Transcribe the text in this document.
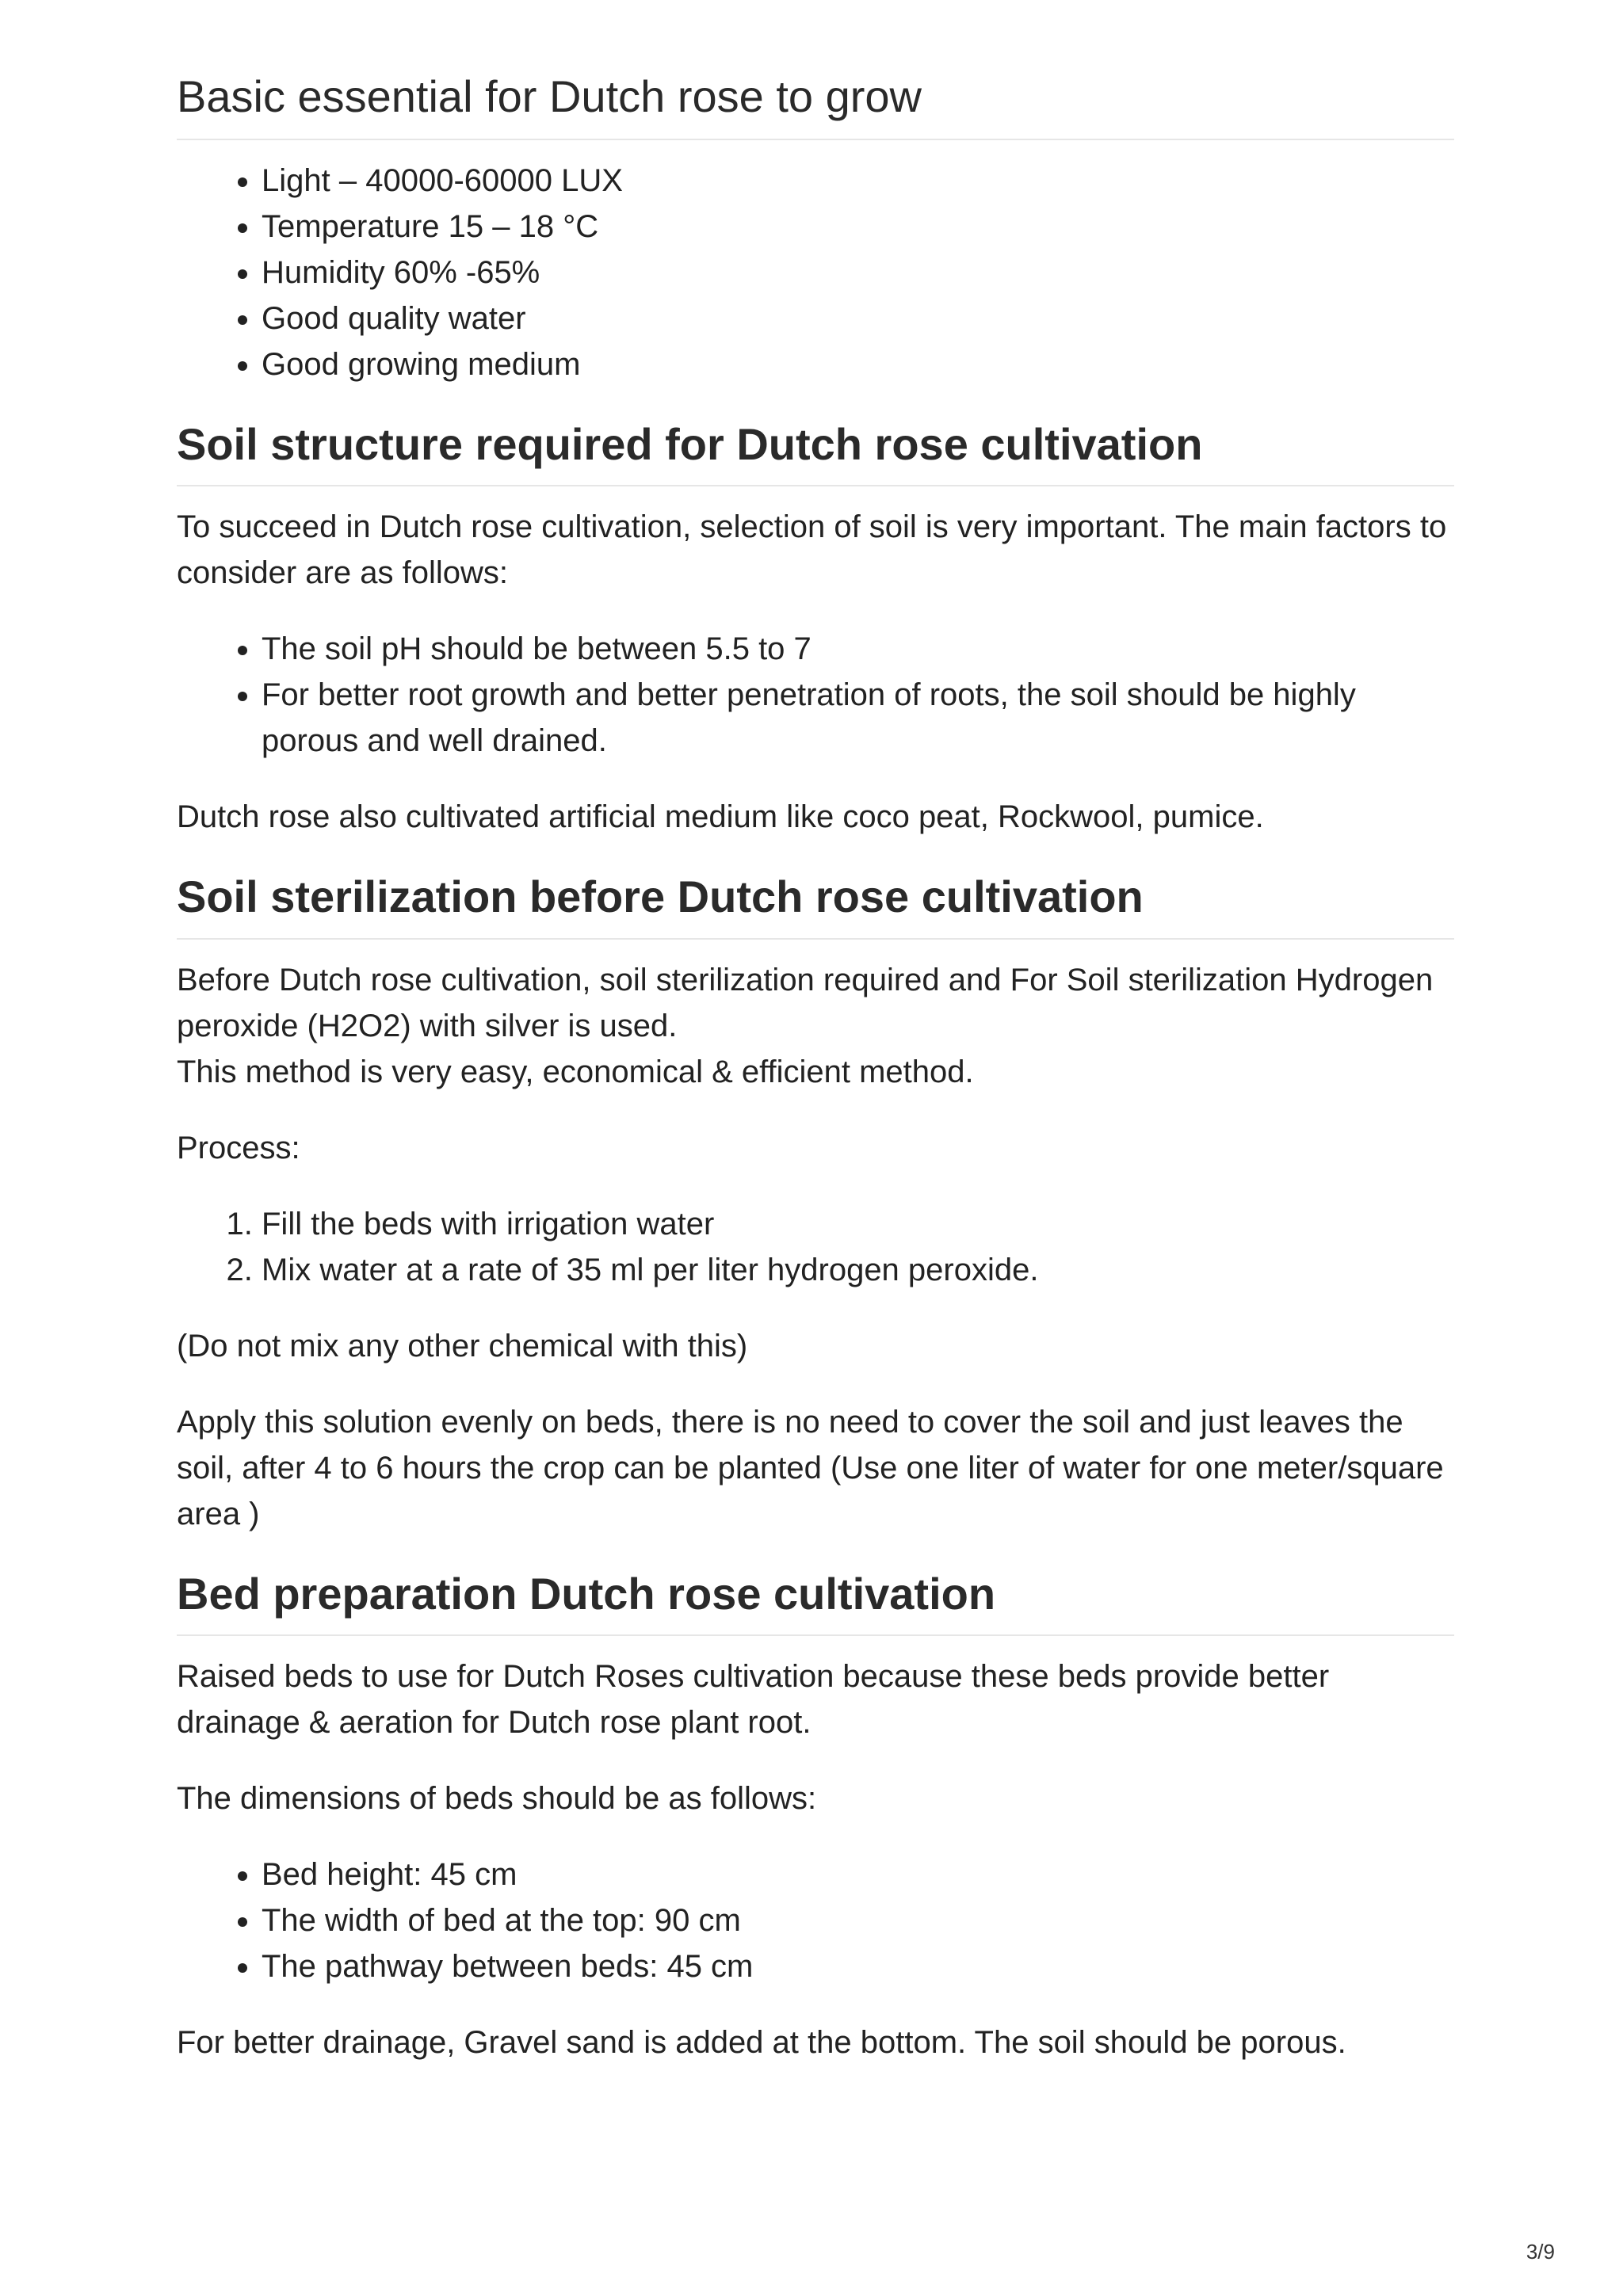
Basic essential for Dutch rose to grow
• Light – 40000-60000 LUX
• Temperature 15 – 18 °C
• Humidity 60% -65%
• Good quality water
• Good growing medium
Soil structure required for Dutch rose cultivation

To succeed in Dutch rose cultivation, selection of soil is very important. The main factors to consider are as follows:

• The soil pH should be between 5.5 to 7
• For better root growth and better penetration of roots, the soil should be highly porous and well drained.

Dutch rose also cultivated artificial medium like coco peat, Rockwool, pumice.

Soil sterilization before Dutch rose cultivation

Before Dutch rose cultivation, soil sterilization required and For Soil sterilization Hydrogen peroxide (H2O2) with silver is used.
This method is very easy, economical & efficient method.

Process:

1. Fill the beds with irrigation water
2. Mix water at a rate of 35 ml per liter hydrogen peroxide.

(Do not mix any other chemical with this)

Apply this solution evenly on beds, there is no need to cover the soil and just leaves the soil, after 4 to 6 hours the crop can be planted (Use one liter of water for one meter/square area )

Bed preparation Dutch rose cultivation

Raised beds to use for Dutch Roses cultivation because these beds provide better drainage & aeration for Dutch rose plant root.

The dimensions of beds should be as follows:

• Bed height: 45 cm
• The width of bed at the top: 90 cm
• The pathway between beds: 45 cm

For better drainage, Gravel sand is added at the bottom. The soil should be porous.

3/9
